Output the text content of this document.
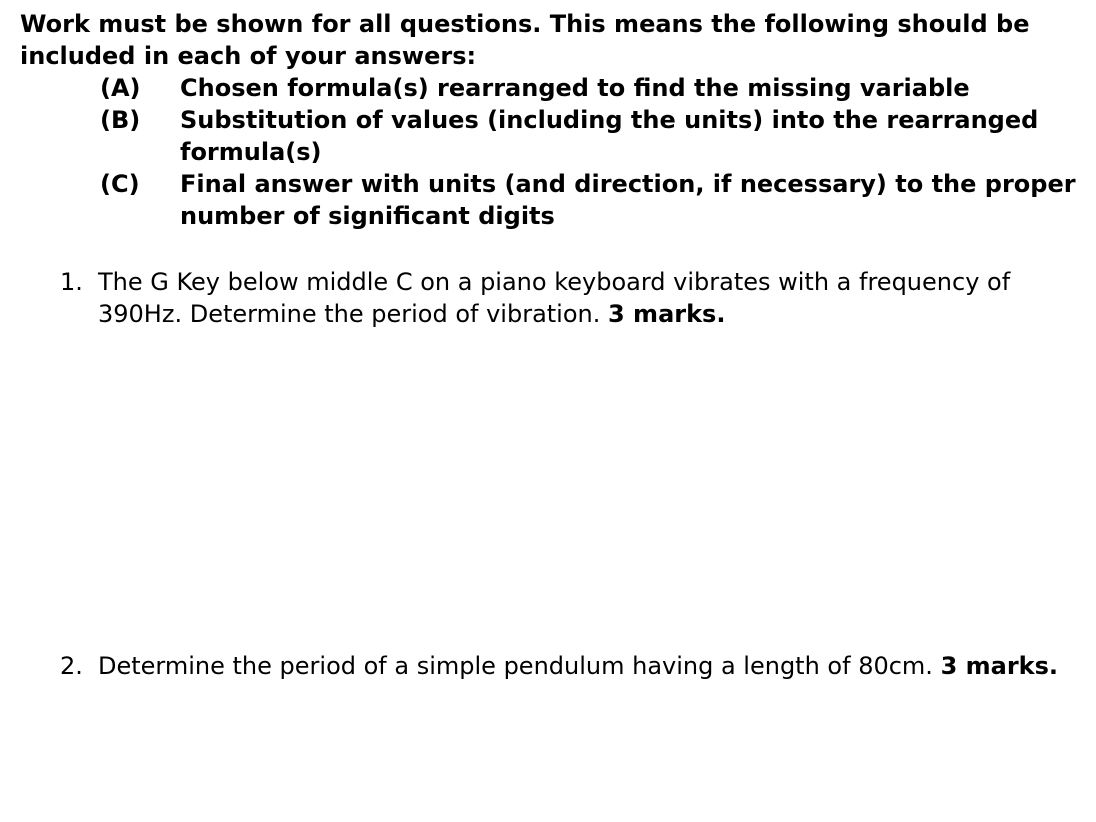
Work must be shown for all questions. This means the following should be included in each of your answers:
(A)	Chosen formula(s) rearranged to find the missing variable
(B)	Substitution of values (including the units) into the rearranged formula(s)
(C)	Final answer with units (and direction, if necessary) to the proper number of significant digits
1. The G Key below middle C on a piano keyboard vibrates with a frequency of 390Hz. Determine the period of vibration. 3 marks.
2. Determine the period of a simple pendulum having a length of 80cm. 3 marks.
